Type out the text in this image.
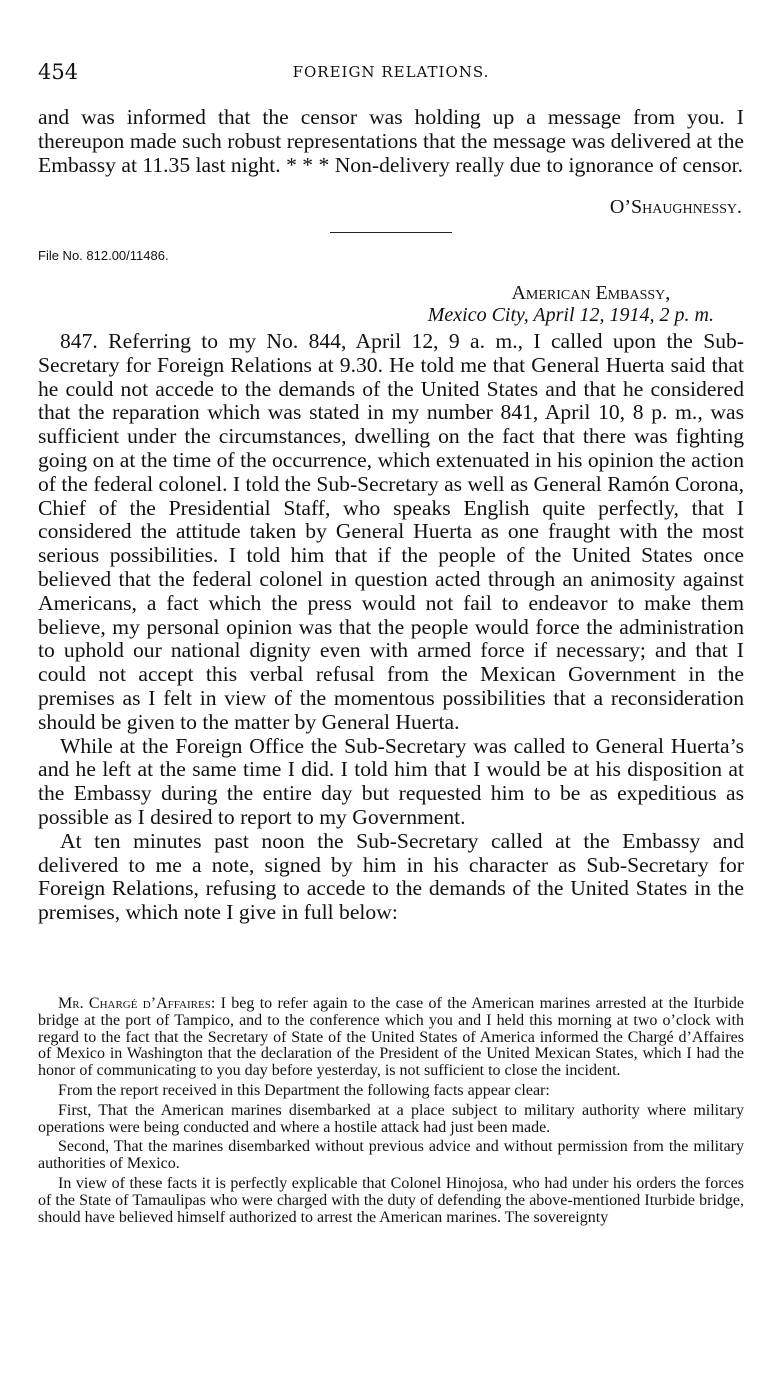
454	FOREIGN RELATIONS.

and was informed that the censor was holding up a message from you. I thereupon made such robust representations that the message was delivered at the Embassy at 11.35 last night. * * * Non-delivery really due to ignorance of censor.

O’Shaughnessy.
File No. 812.00/11486.
American Embassy,
Mexico City, April 12, 1914, 2 p. m.

847. Referring to my No. 844, April 12, 9 a. m., I called upon the Sub-Secretary for Foreign Relations at 9.30. He told me that General Huerta said that he could not accede to the demands of the United States and that he considered that the reparation which was stated in my number 841, April 10, 8 p. m., was sufficient under the circumstances, dwelling on the fact that there was fighting going on at the time of the occurrence, which extenuated in his opinion the action of the federal colonel. I told the Sub-Secretary as well as General Ramón Corona, Chief of the Presidential Staff, who speaks English quite perfectly, that I considered the attitude taken by General Huerta as one fraught with the most serious possibilities. I told him that if the people of the United States once believed that the federal colonel in question acted through an animosity against Americans, a fact which the press would not fail to endeavor to make them believe, my personal opinion was that the people would force the administration to uphold our national dignity even with armed force if necessary; and that I could not accept this verbal refusal from the Mexican Government in the premises as I felt in view of the momentous possibilities that a reconsideration should be given to the matter by General Huerta.

While at the Foreign Office the Sub-Secretary was called to General Huerta’s and he left at the same time I did. I told him that I would be at his disposition at the Embassy during the entire day but requested him to be as expeditious as possible as I desired to report to my Government.

At ten minutes past noon the Sub-Secretary called at the Embassy and delivered to me a note, signed by him in his character as Sub-Secretary for Foreign Relations, refusing to accede to the demands of the United States in the premises, which note I give in full below:

Mr. Chargé d’Affaires: I beg to refer again to the case of the American marines arrested at the Iturbide bridge at the port of Tampico, and to the conference which you and I held this morning at two o’clock with regard to the fact that the Secretary of State of the United States of America informed the Chargé d’Affaires of Mexico in Washington that the declaration of the President of the United Mexican States, which I had the honor of communicating to you day before yesterday, is not sufficient to close the incident.

From the report received in this Department the following facts appear clear:

First, That the American marines disembarked at a place subject to military authority where military operations were being conducted and where a hostile attack had just been made.

Second, That the marines disembarked without previous advice and without permission from the military authorities of Mexico.

In view of these facts it is perfectly explicable that Colonel Hinojosa, who had under his orders the forces of the State of Tamaulipas who were charged with the duty of defending the above-mentioned Iturbide bridge, should have believed himself authorized to arrest the American marines. The sovereignty
